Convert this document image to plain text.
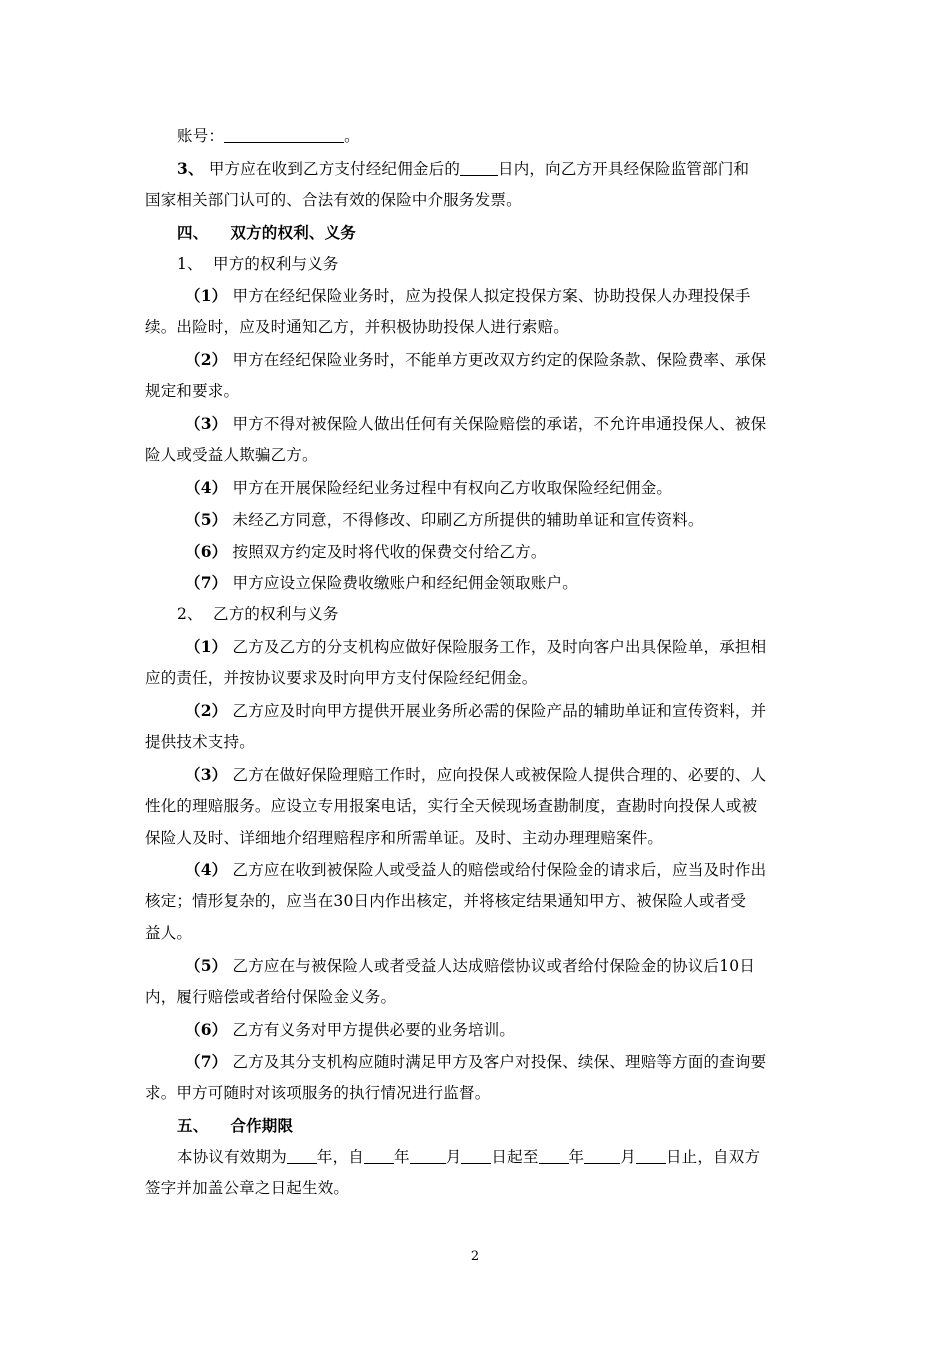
账号：	。
3、 甲方应在收到乙方支付经纪佣金后的 日内，向乙方开具经保险监管部门和
国家相关部门认可的、合法有效的保险中介服务发票。
四、 双方的权利、义务
1、  甲方的权利与义务
（1） 甲方在经纪保险业务时，应为投保人拟定投保方案、协助投保人办理投保手
续。出险时，应及时通知乙方，并积极协助投保人进行索赔。
（2） 甲方在经纪保险业务时，不能单方更改双方约定的保险条款、保险费率、承保
规定和要求。
（3） 甲方不得对被保险人做出任何有关保险赔偿的承诺，不允许串通投保人、被保
险人或受益人欺骗乙方。
（4） 甲方在开展保险经纪业务过程中有权向乙方收取保险经纪佣金。
（5） 未经乙方同意，不得修改、印刷乙方所提供的辅助单证和宣传资料。
（6） 按照双方约定及时将代收的保费交付给乙方。
（7） 甲方应设立保险费收缴账户和经纪佣金领取账户。
2、  乙方的权利与义务
（1） 乙方及乙方的分支机构应做好保险服务工作，及时向客户出具保险单，承担相
应的责任，并按协议要求及时向甲方支付保险经纪佣金。
（2） 乙方应及时向甲方提供开展业务所必需的保险产品的辅助单证和宣传资料，并
提供技术支持。
（3） 乙方在做好保险理赔工作时，应向投保人或被保险人提供合理的、必要的、人
性化的理赔服务。应设立专用报案电话，实行全天候现场查勘制度，查勘时向投保人或被
保险人及时、详细地介绍理赔程序和所需单证。及时、主动办理理赔案件。
（4） 乙方应在收到被保险人或受益人的赔偿或给付保险金的请求后，应当及时作出
核定；情形复杂的，应当在30日内作出核定，并将核定结果通知甲方、被保险人或者受
益人。
（5） 乙方应在与被保险人或者受益人达成赔偿协议或者给付保险金的协议后10日
内，履行赔偿或者给付保险金义务。
（6） 乙方有义务对甲方提供必要的业务培训。
（7） 乙方及其分支机构应随时满足甲方及客户对投保、续保、理赔等方面的查询要
求。甲方可随时对该项服务的执行情况进行监督。
五、 合作期限
本协议有效期为 年，自 年 月 日起至 年 月 日止，自双方
签字并加盖公章之日起生效。
2
